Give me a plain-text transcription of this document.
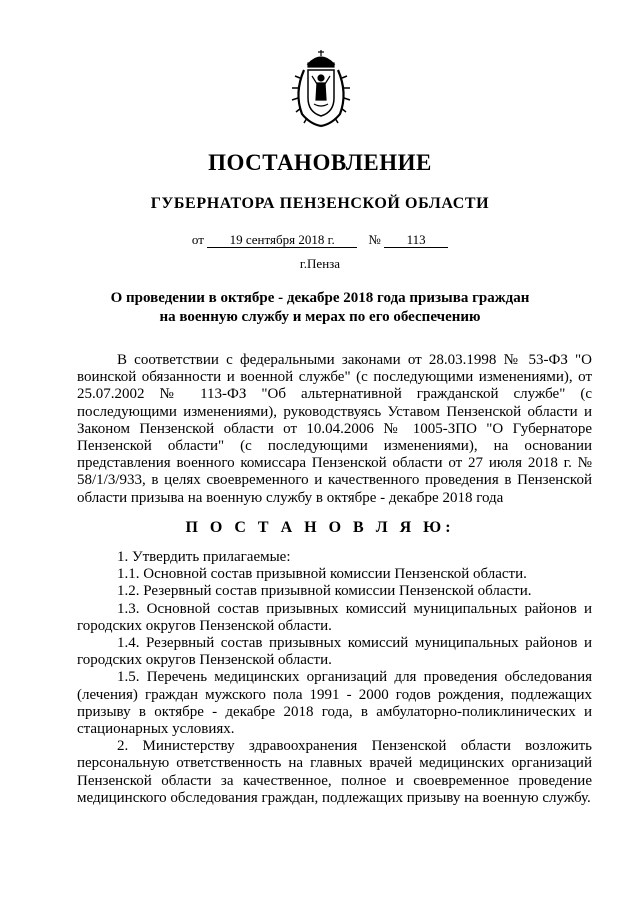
ПОСТАНОВЛЕНИЕ
ГУБЕРНАТОРА ПЕНЗЕНСКОЙ ОБЛАСТИ
от 19 сентября 2018 г.	№ 113
г.Пенза
О проведении в октябре - декабре 2018 года призыва граждан
на военную службу и мерах по его обеспечению
В соответствии с федеральными законами от 28.03.1998 № 53-ФЗ "О воинской обязанности и военной службе" (с последующими изменениями), от 25.07.2002 № 113-ФЗ "Об альтернативной гражданской службе" (с последующими изменениями), руководствуясь Уставом Пензенской области и Законом Пензенской области от 10.04.2006 № 1005-ЗПО "О Губернаторе Пензенской области" (с последующими изменениями), на основании представления военного комиссара Пензенской области от 27 июля 2018 г. № 58/1/3/933, в целях своевременного и качественного проведения в Пензенской области призыва на военную службу в октябре - декабре 2018 года
П О С Т А Н О В Л Я Ю:

1. Утвердить прилагаемые:

1.1. Основной состав призывной комиссии Пензенской области.

1.2. Резервный состав призывной комиссии Пензенской области.

1.3. Основной состав призывных комиссий муниципальных районов и городских округов Пензенской области.

1.4. Резервный состав призывных комиссий муниципальных районов и городских округов Пензенской области.

1.5. Перечень медицинских организаций для проведения обследования (лечения) граждан мужского пола 1991 - 2000 годов рождения, подлежащих призыву в октябре - декабре 2018 года, в амбулаторно-поликлинических и стационарных условиях.

2. Министерству здравоохранения Пензенской области возложить персональную ответственность на главных врачей медицинских организаций Пензенской области за качественное, полное и своевременное проведение медицинского обследования граждан, подлежащих призыву на военную службу.
